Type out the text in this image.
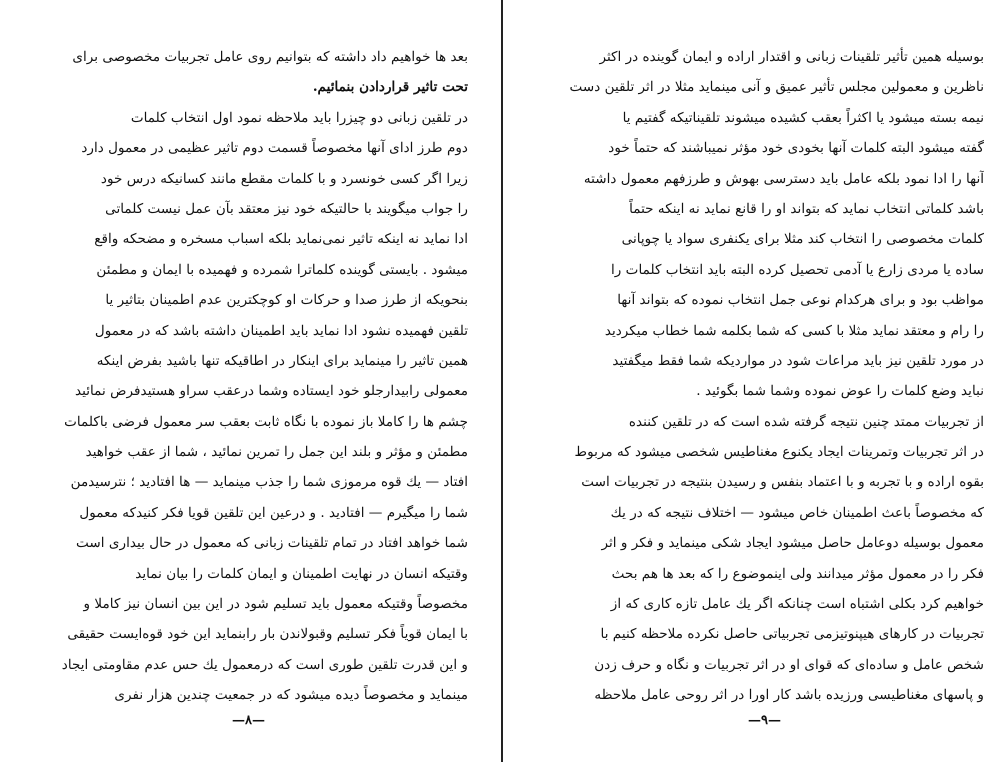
بعد ها خواهیم داد داشته که بتوانیم روی عامل تجربیات مخصوصی برای
تحت تاثیر قراردادن بنمائیم.
در تلقین زبانی دو چیزرا باید ملاحظه نمود اول انتخاب کلمات
دوم طرز ادای آنها مخصوصاً قسمت دوم تاثیر عظیمی در معمول دارد
زیرا اگر کسی خونسرد و با کلمات مقطع مانند کسانیکه درس خود
را جواب میگویند با حالتیکه خود نیز معتقد بآن عمل نیست کلماتی
ادا نماید نه اینکه تاثیر نمی‌نماید بلکه اسباب مسخره و مضحکه واقع
میشود . بایستی گوینده کلماترا شمرده و فهمیده با ایمان و مطمئن
بنحویکه از طرز صدا و حرکات او کوچکترین عدم اطمینان بتاثیر یا
تلقین فهمیده نشود ادا نماید باید اطمینان داشته باشد که در معمول
همین تاثیر را مینماید برای اینکار در اطاقیکه تنها باشید بفرض اینکه
معمولی رابیدارجلو خود ایستاده وشما درعقب سراو هستیدفرض نمائید
چشم ها را کاملا باز نموده با نگاه ثابت بعقب سر معمول فرضی باکلمات
مطمئن و مؤثر و بلند این جمل را تمرین نمائید ، شما از عقب خواهید
افتاد — یك قوه مرموزی شما را جذب مینماید — ها افتادید ؛ نترسیدمن
شما را میگیرم — افتادید . و درعین این تلقین قویا فکر کنیدکه معمول
شما خواهد افتاد در تمام تلقینات زبانی که معمول در حال بیداری است
وقتیکه انسان در نهایت اطمینان و ایمان کلمات را بیان نماید
مخصوصاً وقتیکه معمول باید تسلیم شود در این بین انسان نیز کاملا و
با ایمان قویاً فکر تسلیم وقبولاندن بار رابنماید این خود قوه‌ایست حقیقی
و این قدرت تلقین طوری است که درمعمول یك حس عدم مقاومتی ایجاد
مینماید و مخصوصاً دیده میشود که در جمعیت چندین هزار نفری
—۸—
بوسیله همین تأثیر تلقینات زبانی و اقتدار اراده و ایمان گوینده در اکثر
ناظرین و معمولین مجلس تأثیر عمیق و آنی مینماید مثلا در اثر تلقین دست
نیمه بسته میشود یا اکثراً بعقب کشیده میشوند تلقیناتیکه گفتیم یا
گفته میشود البته کلمات آنها بخودی خود مؤثر نمیباشند که حتماً خود
آنها را ادا نمود بلکه عامل باید دسترسی بهوش و طرزفهم معمول داشته
باشد کلماتی انتخاب نماید که بتواند او را قانع نماید نه اینکه حتماً
کلمات مخصوصی را انتخاب کند مثلا برای یکنفری سواد یا چوپانی
ساده یا مردی زارع یا آدمی تحصیل کرده البته باید انتخاب کلمات را
مواظب بود و برای هرکدام نوعی جمل انتخاب نموده که بتواند آنها
را رام و معتقد نماید مثلا با کسی که شما بکلمه شما خطاب میکردید
در مورد تلقین نیز باید مراعات شود در مواردیکه شما فقط میگفتید
نباید وضع کلمات را عوض نموده وشما شما بگوئید .
از تجربیات ممتد چنین نتیجه گرفته شده است که در تلقین کننده
در اثر تجربیات وتمرینات ایجاد یکنوع مغناطیس شخصی میشود که مربوط
بقوه اراده و با تجربه و با اعتماد بنفس و رسیدن بنتیجه در تجربیات است
که مخصوصاً باعث اطمینان خاص میشود — اختلاف نتیجه که در یك
معمول بوسیله دوعامل حاصل میشود ایجاد شکی مینماید و فکر و اثر
فکر را در معمول مؤثر میدانند ولی اینموضوع را که بعد ها هم بحث
خواهیم کرد بکلی اشتباه است چنانکه اگر یك عامل تازه کاری که از
تجربیات در کارهای هیپنوتیزمی تجربیاتی حاصل نکرده ملاحظه کنیم با
شخص عامل و ساده‌ای که قوای او در اثر تجربیات و نگاه و حرف زدن
و پاسهای مغناطیسی ورزیده باشد کار اورا در اثر روحی عامل ملاحظه
—۹—
